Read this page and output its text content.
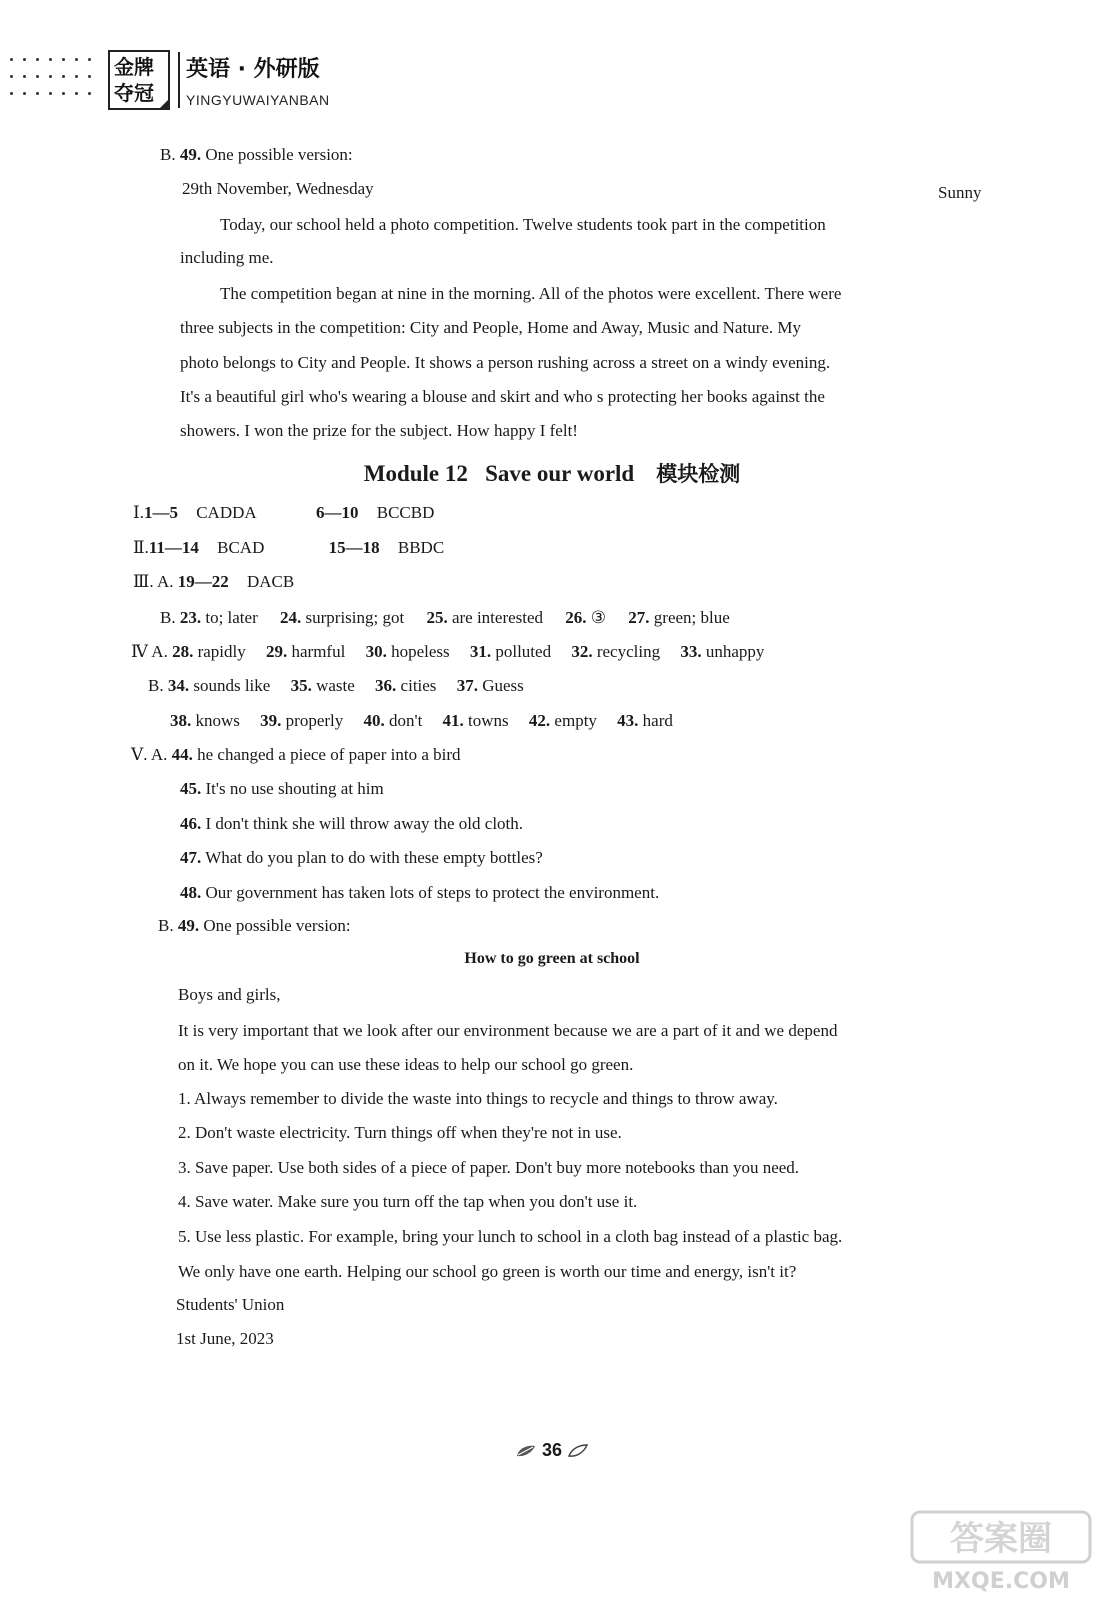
金牌
夺冠
英语 · 外研版
YINGYUWAIYANBAN
B. 49. One possible version:
29th November, Wednesday	Sunny
Today, our school held a photo competition. Twelve students took part in the competition
including me.
The competition began at nine in the morning. All of the photos were excellent. There were
three subjects in the competition: City and People, Home and Away, Music and Nature. My
photo belongs to City and People. It shows a person rushing across a street on a windy evening.
It's a beautiful girl who's wearing a blouse and skirt and who s protecting her books against the
showers. I won the prize for the subject. How happy I felt!
Module 12   Save our world 模块检测
Ⅰ.1—5 CADDA	6—10 BCCBD
Ⅱ.11—14 BCAD	15—18 BBDC
Ⅲ. A. 19—22 DACB
B. 23. to; later 24. surprising; got 25. are interested 26. ③ 27. green; blue
Ⅳ A. 28. rapidly 29. harmful 30. hopeless 31. polluted 32. recycling 33. unhappy
B. 34. sounds like 35. waste 36. cities 37. Guess
38. knows 39. properly 40. don't 41. towns 42. empty 43. hard
Ⅴ. A. 44. he changed a piece of paper into a bird
45. It's no use shouting at him
46. I don't think she will throw away the old cloth.
47. What do you plan to do with these empty bottles?
48. Our government has taken lots of steps to protect the environment.
B. 49. One possible version:
How to go green at school
Boys and girls,
It is very important that we look after our environment because we are a part of it and we depend
on it. We hope you can use these ideas to help our school go green.
1. Always remember to divide the waste into things to recycle and things to throw away.
2. Don't waste electricity. Turn things off when they're not in use.
3. Save paper. Use both sides of a piece of paper. Don't buy more notebooks than you need.
4. Save water. Make sure you turn off the tap when you don't use it.
5. Use less plastic. For example, bring your lunch to school in a cloth bag instead of a plastic bag.
We only have one earth. Helping our school go green is worth our time and energy, isn't it?
Students' Union
1st June, 2023
36
答案圈
MXQE.COM
